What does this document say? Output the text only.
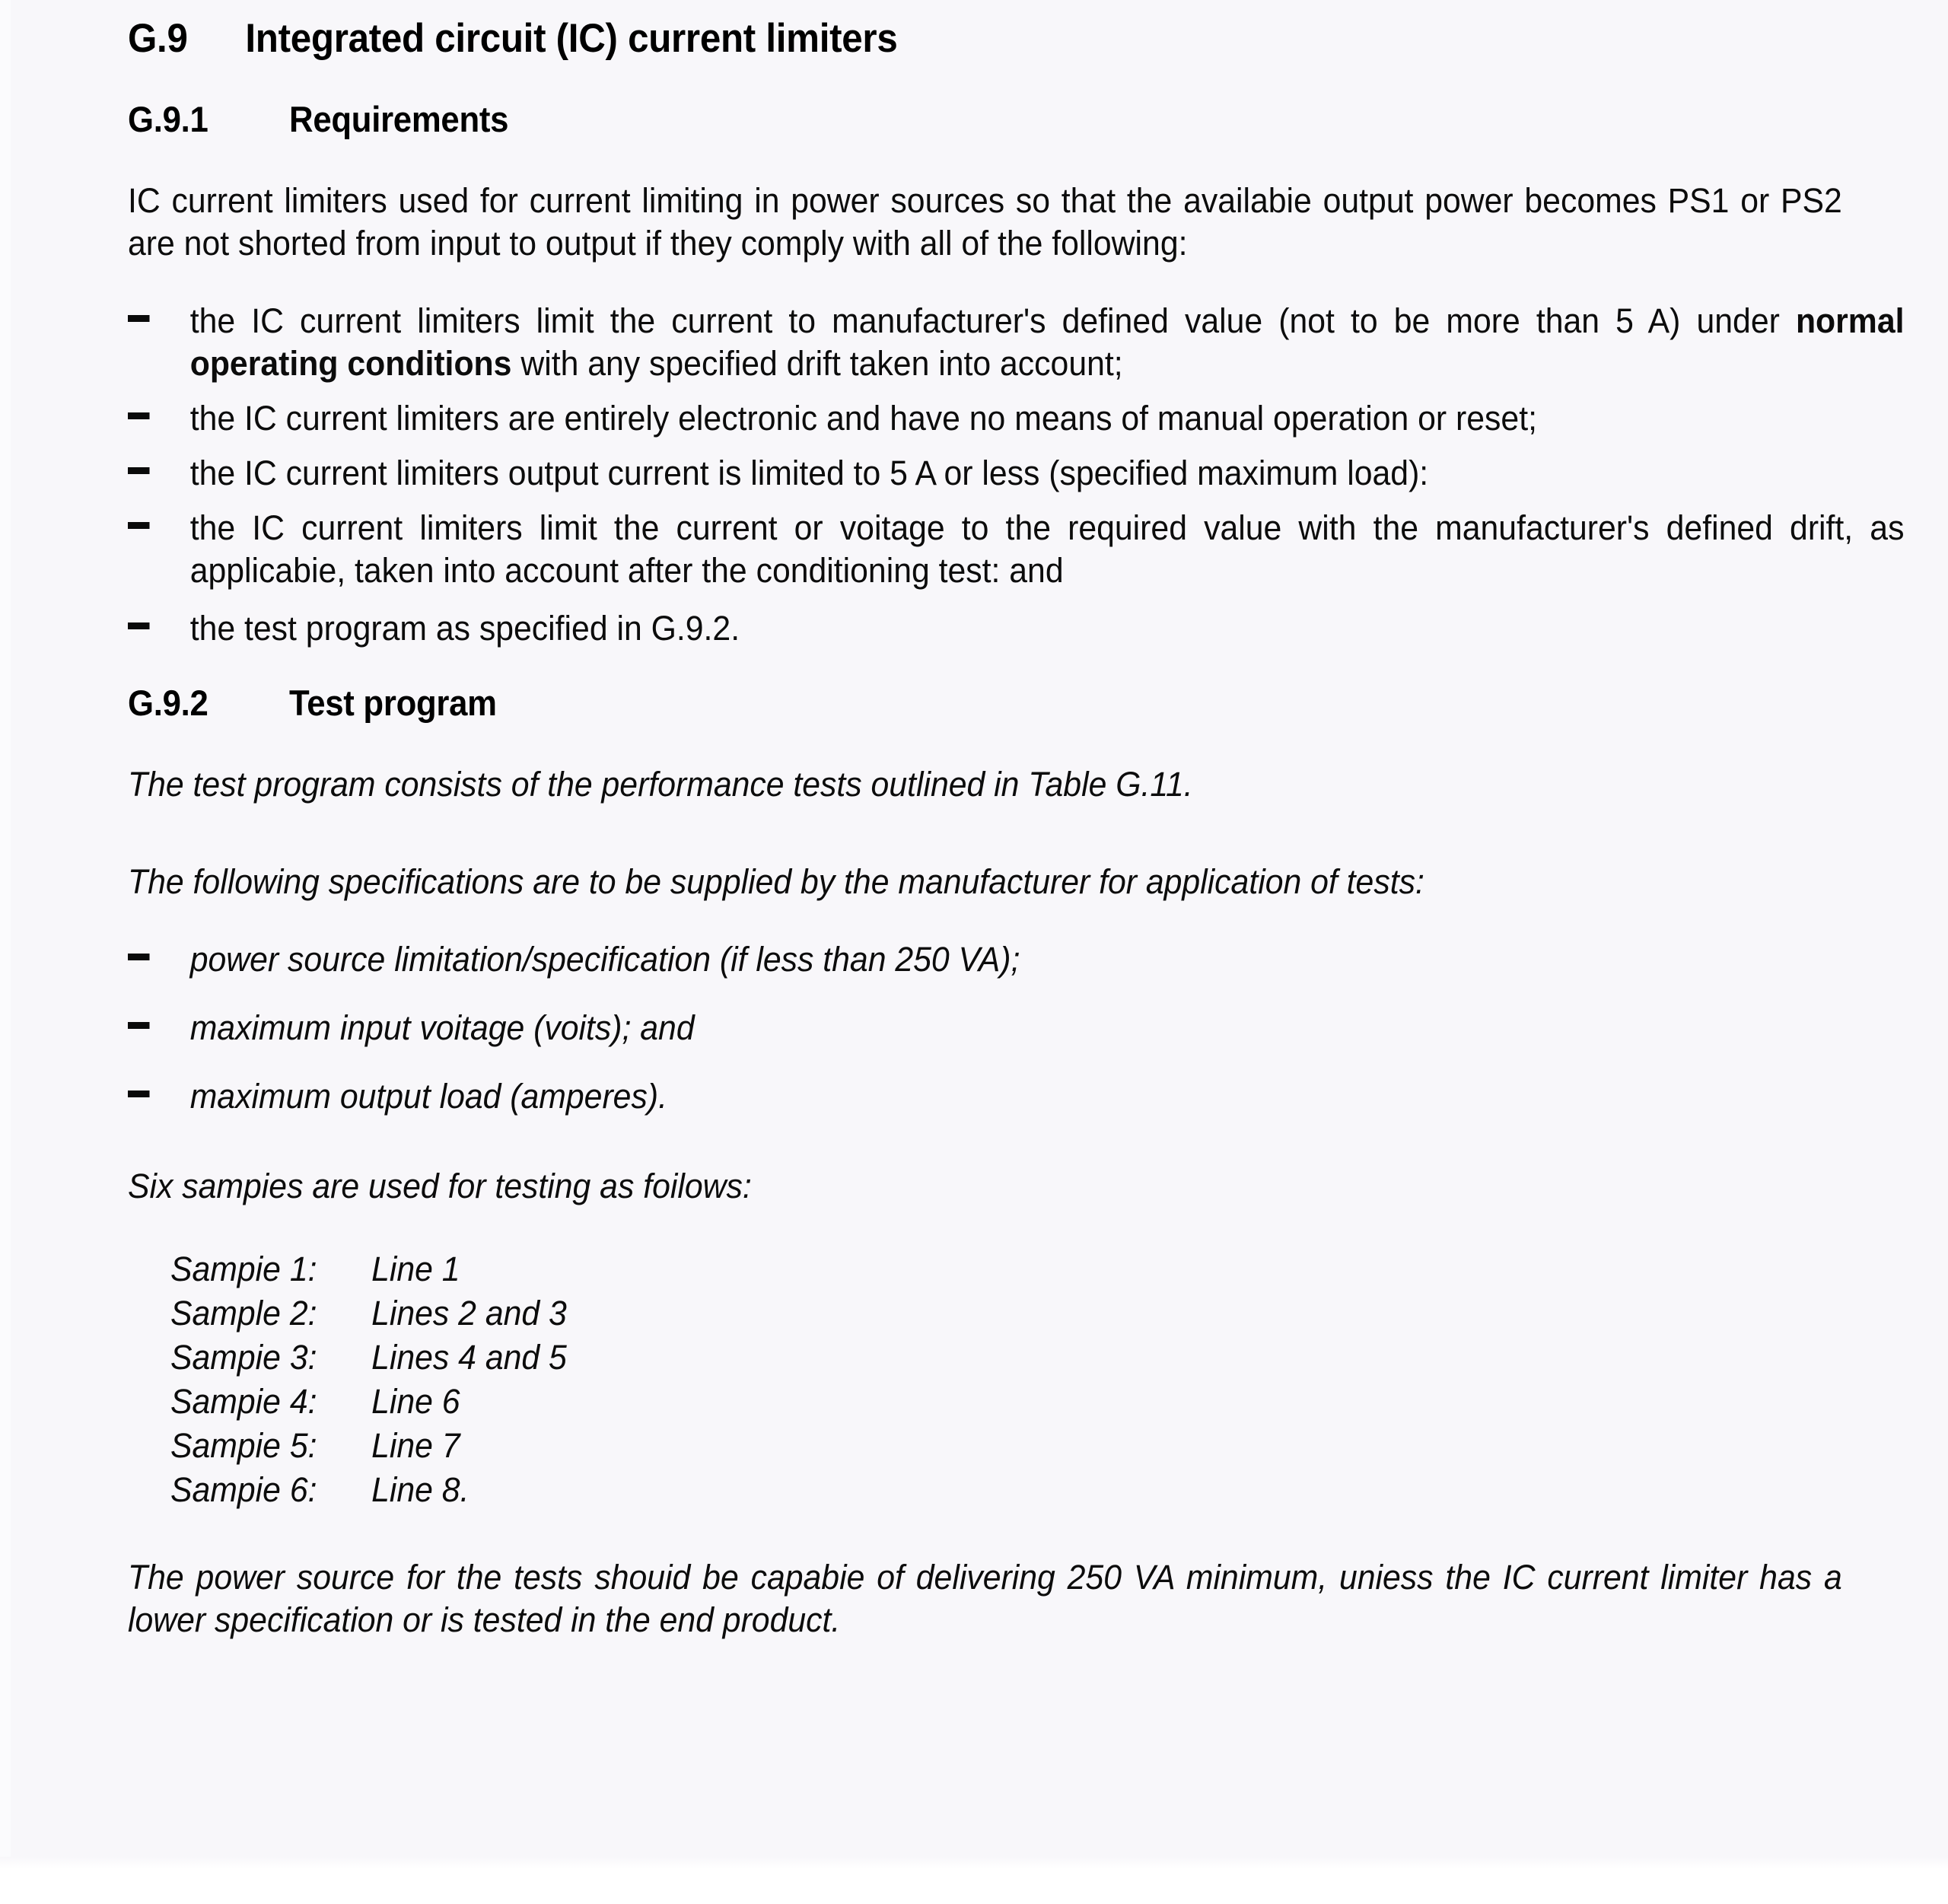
G.9 Integrated circuit (IC) current limiters
G.9.1 Requirements
IC current limiters used for current limiting in power sources so that the availabie output power becomes PS1 or PS2 are not shorted from input to output if they comply with all of the following:
the IC current limiters limit the current to manufacturer's defined value (not to be more than 5 A) under normal operating conditions with any specified drift taken into account;
the IC current limiters are entirely electronic and have no means of manual operation or reset;
the IC current limiters output current is limited to 5 A or less (specified maximum load):
the IC current limiters limit the current or voitage to the required value with the manufacturer's defined drift, as applicabie, taken into account after the conditioning test: and
the test program as specified in G.9.2.
G.9.2 Test program
The test program consists of the performance tests outlined in Table G.11.
The following specifications are to be supplied by the manufacturer for application of tests:
power source limitation/specification (if less than 250 VA);
maximum input voitage (voits); and
maximum output load (amperes).
Six sampies are used for testing as foilows:
Sampie 1: Line 1
Sample 2: Lines 2 and 3
Sampie 3: Lines 4 and 5
Sampie 4: Line 6
Sampie 5: Line 7
Sampie 6: Line 8.
The power source for the tests shouid be capabie of delivering 250 VA minimum, uniess the IC current limiter has a lower specification or is tested in the end product.
